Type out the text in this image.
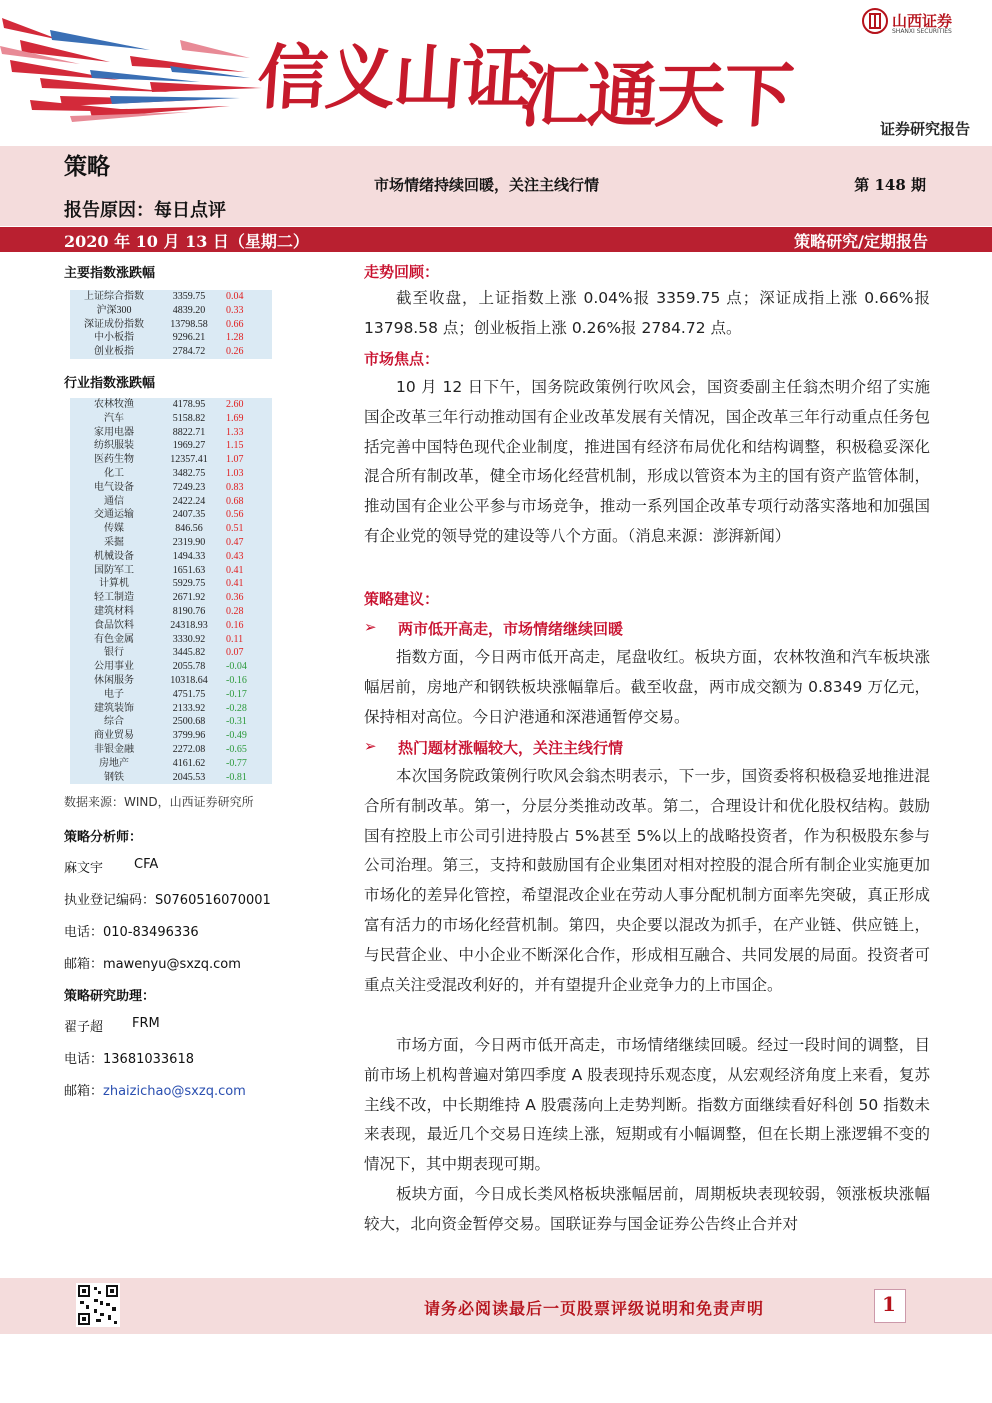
信义山证
汇通天下
山西证券
SHANXI SECURITIES
证券研究报告
策略
市场情绪持续回暖，关注主线行情	第 148 期
报告原因：每日点评
2020 年 10 月 13 日（星期二）	策略研究/定期报告
主要指数涨跌幅
上证综合指数	3359.75	0.04
沪深300	4839.20	0.33
深证成份指数	13798.58	0.66
中小板指	9296.21	1.28
创业板指	2784.72	0.26
行业指数涨跌幅
农林牧渔	4178.95	2.60
汽车	5158.82	1.69
家用电器	8822.71	1.33
纺织服装	1969.27	1.15
医药生物	12357.41	1.07
化工	3482.75	1.03
电气设备	7249.23	0.83
通信	2422.24	0.68
交通运输	2407.35	0.56
传媒	846.56	0.51
采掘	2319.90	0.47
机械设备	1494.33	0.43
国防军工	1651.63	0.41
计算机	5929.75	0.41
轻工制造	2671.92	0.36
建筑材料	8190.76	0.28
食品饮料	24318.93	0.16
有色金属	3330.92	0.11
银行	3445.82	0.07
公用事业	2055.78	-0.04
休闲服务	10318.64	-0.16
电子	4751.75	-0.17
建筑装饰	2133.92	-0.28
综合	2500.68	-0.31
商业贸易	3799.96	-0.49
非银金融	2272.08	-0.65
房地产	4161.62	-0.77
钢铁	2045.53	-0.81
数据来源：WIND，山西证券研究所
策略分析师：
麻文宇 CFA
执业登记编码：S0760516070001
电话：010-83496336
邮箱：mawenyu@sxzq.com
策略研究助理：
翟子超 FRM
电话：13681033618
邮箱：zhaizichao@sxzq.com
走势回顾：
截至收盘，上证指数上涨 0.04%报 3359.75 点；深证成指上涨 0.66%报 13798.58 点；创业板指上涨 0.26%报 2784.72 点。
市场焦点：
10 月 12 日下午，国务院政策例行吹风会，国资委副主任翁杰明介绍了实施国企改革三年行动推动国有企业改革发展有关情况，国企改革三年行动重点任务包括完善中国特色现代企业制度，推进国有经济布局优化和结构调整，积极稳妥深化混合所有制改革，健全市场化经营机制，形成以管资本为主的国有资产监管体制，推动国有企业公平参与市场竞争，推动一系列国企改革专项行动落实落地和加强国有企业党的领导党的建设等八个方面。（消息来源：澎湃新闻）
策略建议：
➢ 两市低开高走，市场情绪继续回暖
指数方面，今日两市低开高走，尾盘收红。板块方面，农林牧渔和汽车板块涨幅居前，房地产和钢铁板块涨幅靠后。截至收盘，两市成交额为 0.8349 万亿元，保持相对高位。今日沪港通和深港通暂停交易。
➢ 热门题材涨幅较大，关注主线行情
本次国务院政策例行吹风会翁杰明表示，下一步，国资委将积极稳妥地推进混合所有制改革。第一，分层分类推动改革。第二，合理设计和优化股权结构。鼓励国有控股上市公司引进持股占 5%甚至 5%以上的战略投资者，作为积极股东参与公司治理。第三，支持和鼓励国有企业集团对相对控股的混合所有制企业实施更加市场化的差异化管控，希望混改企业在劳动人事分配机制方面率先突破，真正形成富有活力的市场化经营机制。第四，央企要以混改为抓手，在产业链、供应链上，与民营企业、中小企业不断深化合作，形成相互融合、共同发展的局面。投资者可重点关注受混改利好的，并有望提升企业竞争力的上市国企。
市场方面，今日两市低开高走，市场情绪继续回暖。经过一段时间的调整，目前市场上机构普遍对第四季度 A 股表现持乐观态度，从宏观经济角度上来看，复苏主线不改，中长期维持 A 股震荡向上走势判断。指数方面继续看好科创 50 指数未来表现，最近几个交易日连续上涨，短期或有小幅调整，但在长期上涨逻辑不变的情况下，其中期表现可期。
板块方面，今日成长类风格板块涨幅居前，周期板块表现较弱，领涨板块涨幅较大，北向资金暂停交易。国联证券与国金证券公告终止合并对
请务必阅读最后一页股票评级说明和免责声明	1
